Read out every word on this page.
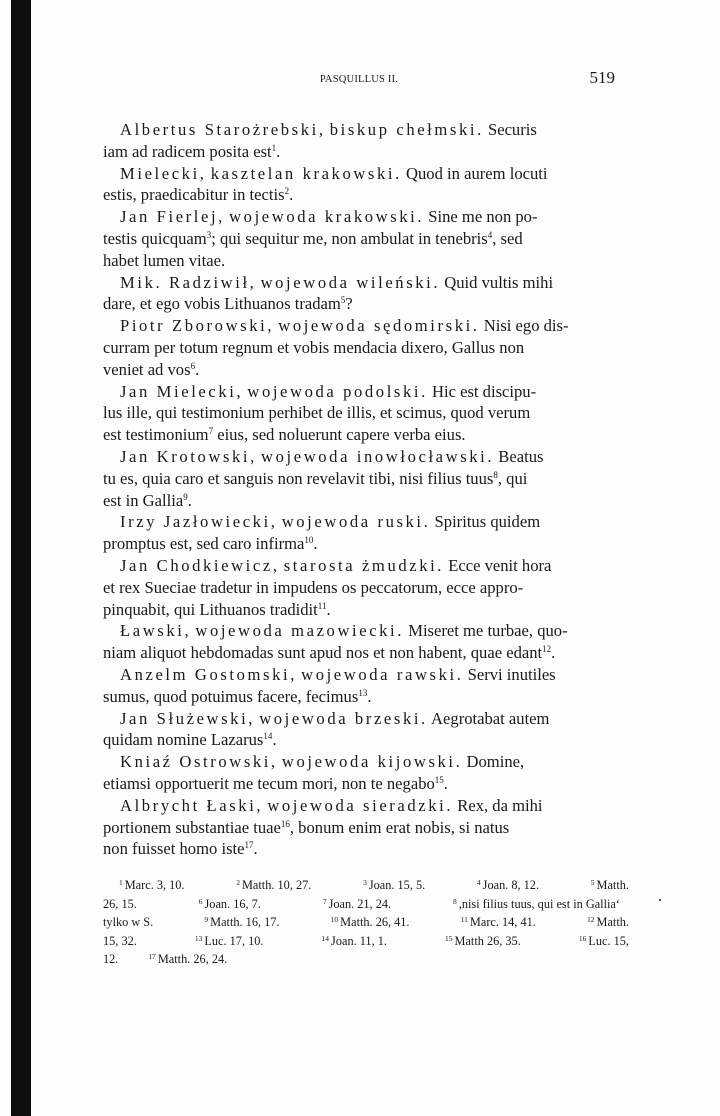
PASQUILLUS II.	519

Albertus Starożrebski, biskup chełmski. Securis
iam ad radicem posita est$^1$.

Mielecki, kasztelan krakowski. Quod in aurem locuti
estis, praedicabitur in tectis$^2$.

Jan Fierlej, wojewoda krakowski. Sine me non po-
testis quicquam$^3$; qui sequitur me, non ambulat in tenebris$^4$, sed
habet lumen vitae.

Mik. Radziwił, wojewoda wileński. Quid vultis mihi
dare, et ego vobis Lithuanos tradam$^5$?

Piotr Zborowski, wojewoda sędomirski. Nisi ego dis-
curram per totum regnum et vobis mendacia dixero, Gallus non
veniet ad vos$^6$.

Jan Mielecki, wojewoda podolski. Hic est discipu-
lus ille, qui testimonium perhibet de illis, et scimus, quod verum
est testimonium$^7$ eius, sed noluerunt capere verba eius.

Jan Krotowski, wojewoda inowłocławski. Beatus
tu es, quia caro et sanguis non revelavit tibi, nisi filius tuus$^8$, qui
est in Gallia$^9$.

Irzy Jazłowiecki, wojewoda ruski. Spiritus quidem
promptus est, sed caro infirma$^{10}$.

Jan Chodkiewicz, starosta żmudzki. Ecce venit hora
et rex Sueciae tradetur in impudens os peccatorum, ecce appro-
pinquabit, qui Lithuanos tradidit$^{11}$.

Ławski, wojewoda mazowiecki. Miseret me turbae, quo-
niam aliquot hebdomadas sunt apud nos et non habent, quae edant$^{12}$.

Anzelm Gostomski, wojewoda rawski. Servi inutiles
sumus, quod potuimus facere, fecimus$^{13}$.

Jan Służewski, wojewoda brzeski. Aegrotabat autem
quidam nomine Lazarus$^{14}$.

Kniaź Ostrowski, wojewoda kijowski. Domine,
etiamsi opportuerit me tecum mori, non te negabo$^{15}$.

Albrycht Łaski, wojewoda sieradzki. Rex, da mihi
portionem substantiae tuae$^{16}$, bonum enim erat nobis, si natus
non fuisset homo iste$^{17}$.

$^1$ Marc. 3, 10.	$^2$ Matth. 10, 27.	$^3$ Joan. 15, 5.	$^4$ Joan. 8, 12.	$^5$ Matth.
26, 15.	$^6$ Joan. 16, 7.	$^7$ Joan. 21, 24.	$^8$ ,nisi filius tuus, qui est in Gallia‘
tylko w S.	$^9$ Matth. 16, 17.	$^{10}$ Matth. 26, 41.	$^{11}$ Marc. 14, 41.	$^{12}$ Matth.
15, 32.	$^{13}$ Luc. 17, 10.	$^{14}$ Joan. 11, 1.	$^{15}$ Matth 26, 35.	$^{16}$ Luc. 15,
12.	$^{17}$ Matth. 26, 24.
